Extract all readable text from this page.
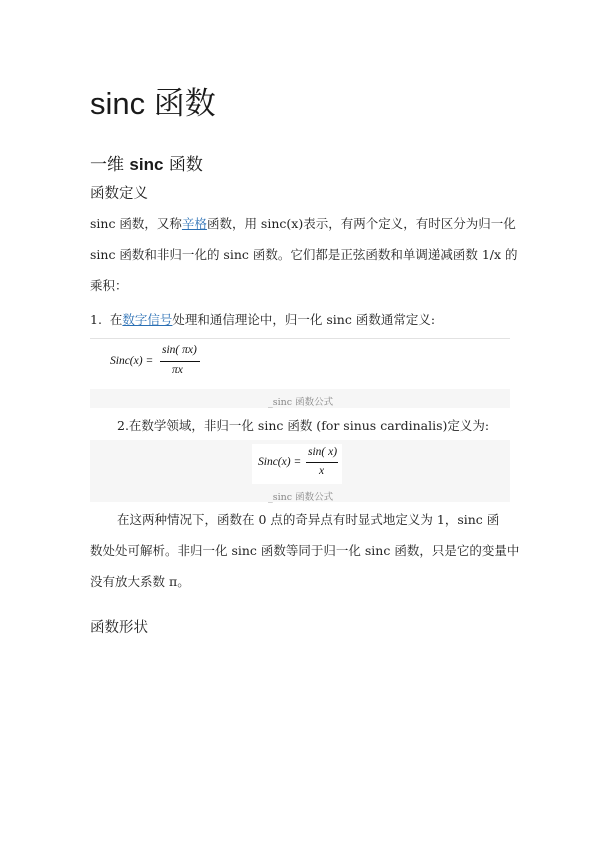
sinc 函数
一维 sinc 函数
函数定义
sinc 函数，又称辛格函数，用 sinc(x)表示，有两个定义，有时区分为归一化
sinc 函数和非归一化的 sinc 函数。它们都是正弦函数和单调递减函数 1/x 的
乘积：
1. 在数字信号处理和通信理论中，归一化 sinc 函数通常定义:
Sinc(x) =
sin( πx)
πx
_sinc 函数公式
2.在数学领域，非归一化 sinc 函数 (for sinus cardinalis)定义为:
Sinc(x) =
sin( x)
x
_sinc 函数公式
在这两种情况下，函数在 0 点的奇异点有时显式地定义为 1，sinc 函
数处处可解析。非归一化 sinc 函数等同于归一化 sinc 函数，只是它的变量中
没有放大系数 π。
函数形状
